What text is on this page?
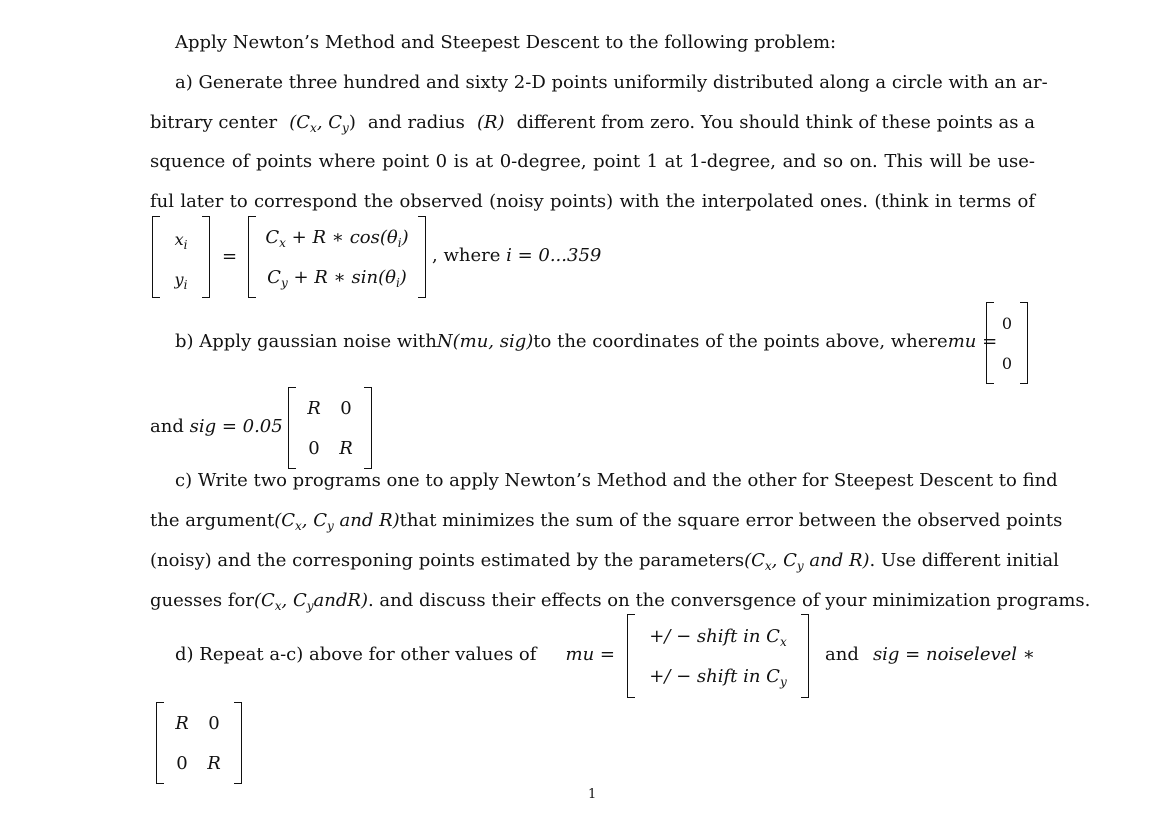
Apply Newton’s Method and Steepest Descent to the following problem:
a) Generate three hundred and sixty 2-D points uniformily distributed along a circle with an ar-
bitrary center ($C_x$, $C_y$) and radius (R) different from zero. You should think of these points as a
squence of points where point 0 is at 0-degree, point 1 at 1-degree, and so on. This will be use-
ful later to correspond the observed (noisy points) with the interpolated ones. (think in terms of
$x_i$
$y_i$
=
$C_x + R$ ∗ $\cos(\theta_i)$
$C_y + R$ ∗ $\sin(\theta_i)$
, where i = 0...359
b) Apply gaussian noise with N(mu, sig) to the coordinates of the points above, where mu =
0
0
and sig = 0.05
R	0
0	R
c) Write two programs one to apply Newton’s Method and the other for Steepest Descent to find
the argument ($C_x$, $C_y$ and R) that minimizes the sum of the square error between the observed points
(noisy) and the corresponing points estimated by the parameters ($C_x$, $C_y$ and R) . Use different initial
guesses for ($C_x$, $C_yandR$) . and discuss their effects on the conversgence of your minimization programs.
d) Repeat a-c) above for other values of mu =
+/ − shift in $C_x$
+/ − shift in $C_y$
and sig = noiselevel ∗
R	0
0	R
1
